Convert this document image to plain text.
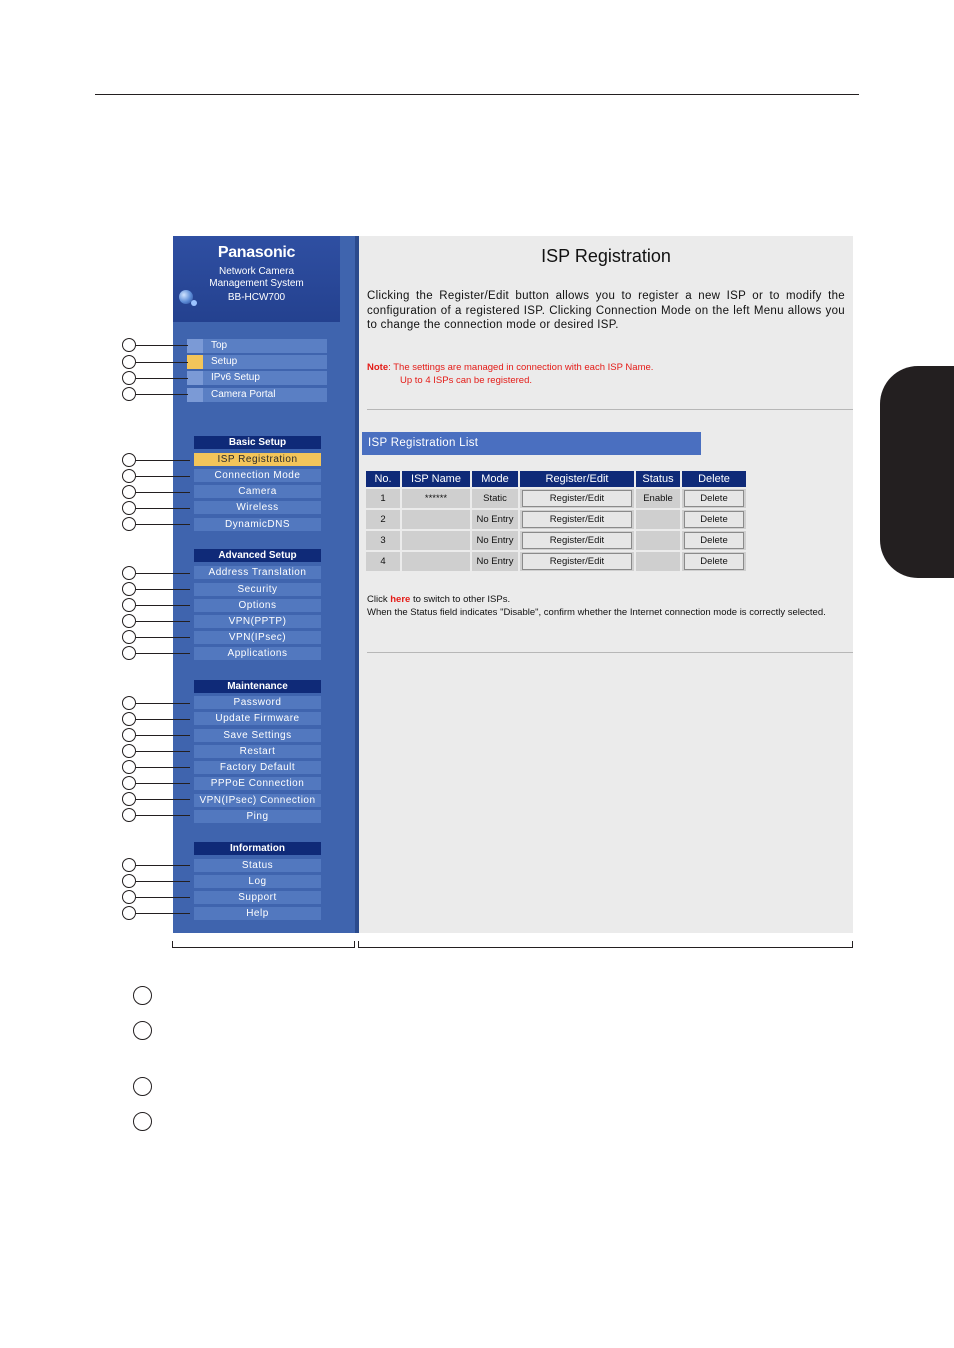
Panasonic
Network Camera
Management System
BB-HCW700
Top
Setup
IPv6 Setup
Camera Portal
Basic Setup
ISP Registration
Connection Mode
Camera
Wireless
DynamicDNS
Advanced Setup
Address Translation
Security
Options
VPN(PPTP)
VPN(IPsec)
Applications
Maintenance
Password
Update Firmware
Save Settings
Restart
Factory Default
PPPoE Connection
VPN(IPsec) Connection
Ping
Information
Status
Log
Support
Help
ISP Registration
Clicking the Register/Edit button allows you to register a new ISP or to modify the configuration of a registered ISP. Clicking Connection Mode on the left Menu allows you to change the connection mode or desired ISP.
Note: The settings are managed in connection with each ISP Name.
Up to 4 ISPs can be registered.
ISP Registration List
No.	ISP Name	Mode	Register/Edit	Status	Delete
1	******	Static	Register/Edit	Enable	Delete
2		No Entry	Register/Edit		Delete
3		No Entry	Register/Edit		Delete
4		No Entry	Register/Edit		Delete
Click here to switch to other ISPs.
When the Status field indicates "Disable", confirm whether the Internet connection mode is correctly selected.
